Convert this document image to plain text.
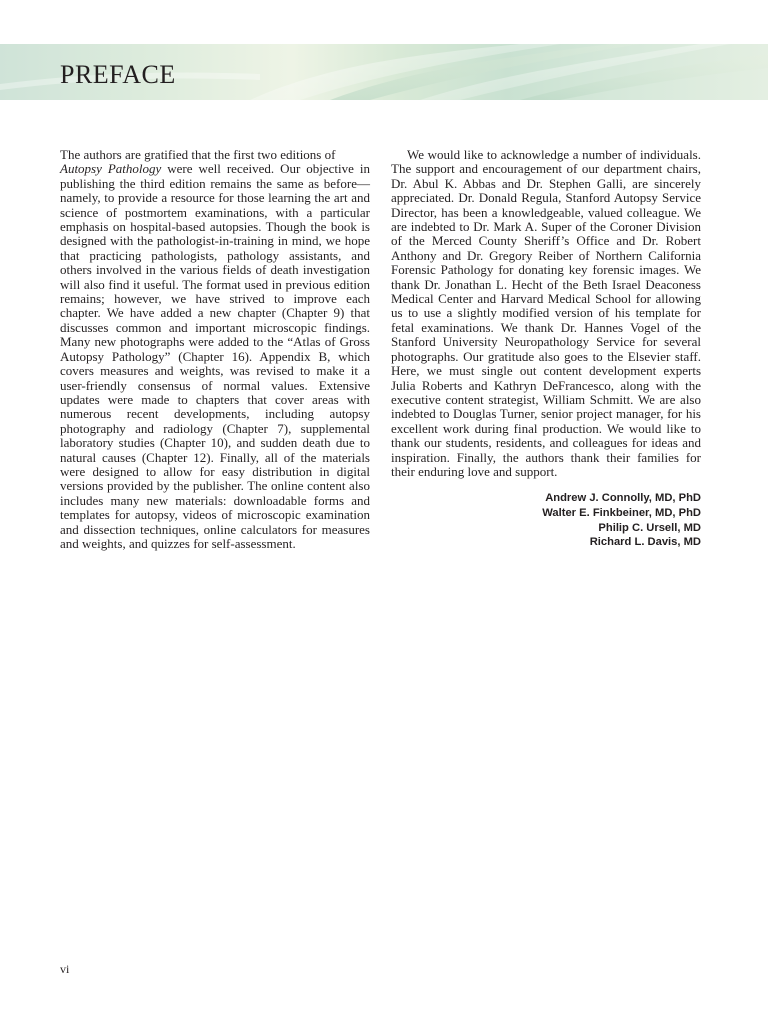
PREFACE

The authors are gratified that the first two editions of
Autopsy Pathology were well received. Our objective in publishing the third edition remains the same as before—namely, to provide a resource for those learning the art and science of postmortem examinations, with a particular emphasis on hospital-based autopsies. Though the book is designed with the pathologist-in-training in mind, we hope that practicing pathologists, pathology assistants, and others involved in the various fields of death investigation will also find it useful. The format used in previous edition remains; however, we have strived to improve each chapter. We have added a new chapter (Chapter 9) that discusses common and important microscopic findings. Many new photographs were added to the “Atlas of Gross Autopsy Pathology” (Chapter 16). Appendix B, which covers measures and weights, was revised to make it a user-friendly consensus of normal values. Extensive updates were made to chapters that cover areas with numerous recent developments, including autopsy photography and radiology (Chapter 7), supplemental laboratory studies (Chapter 10), and sudden death due to natural causes (Chapter 12). Finally, all of the materials were designed to allow for easy distribution in digital versions provided by the publisher. The online content also includes many new materials: downloadable forms and templates for autopsy, videos of microscopic examination and dissection techniques, online calculators for measures and weights, and quizzes for self-assessment.

We would like to acknowledge a number of individuals. The support and encouragement of our department chairs, Dr. Abul K. Abbas and Dr. Stephen Galli, are sincerely appreciated. Dr. Donald Regula, Stanford Autopsy Service Director, has been a knowledgeable, valued colleague. We are indebted to Dr. Mark A. Super of the Coroner Division of the Merced County Sheriff’s Office and Dr. Robert Anthony and Dr. Gregory Reiber of Northern California Forensic Pathology for donating key forensic images. We thank Dr. Jonathan L. Hecht of the Beth Israel Deaconess Medical Center and Harvard Medical School for allowing us to use a slightly modified version of his template for fetal examinations. We thank Dr. Hannes Vogel of the Stanford University Neuropathology Service for several photographs. Our gratitude also goes to the Elsevier staff. Here, we must single out content development experts Julia Roberts and Kathryn DeFrancesco, along with the executive content strategist, William Schmitt. We are also indebted to Douglas Turner, senior project manager, for his excellent work during final production. We would like to thank our students, residents, and colleagues for ideas and inspiration. Finally, the authors thank their families for their enduring love and support.

Andrew J. Connolly, MD, PhD
Walter E. Finkbeiner, MD, PhD
Philip C. Ursell, MD
Richard L. Davis, MD
vi
